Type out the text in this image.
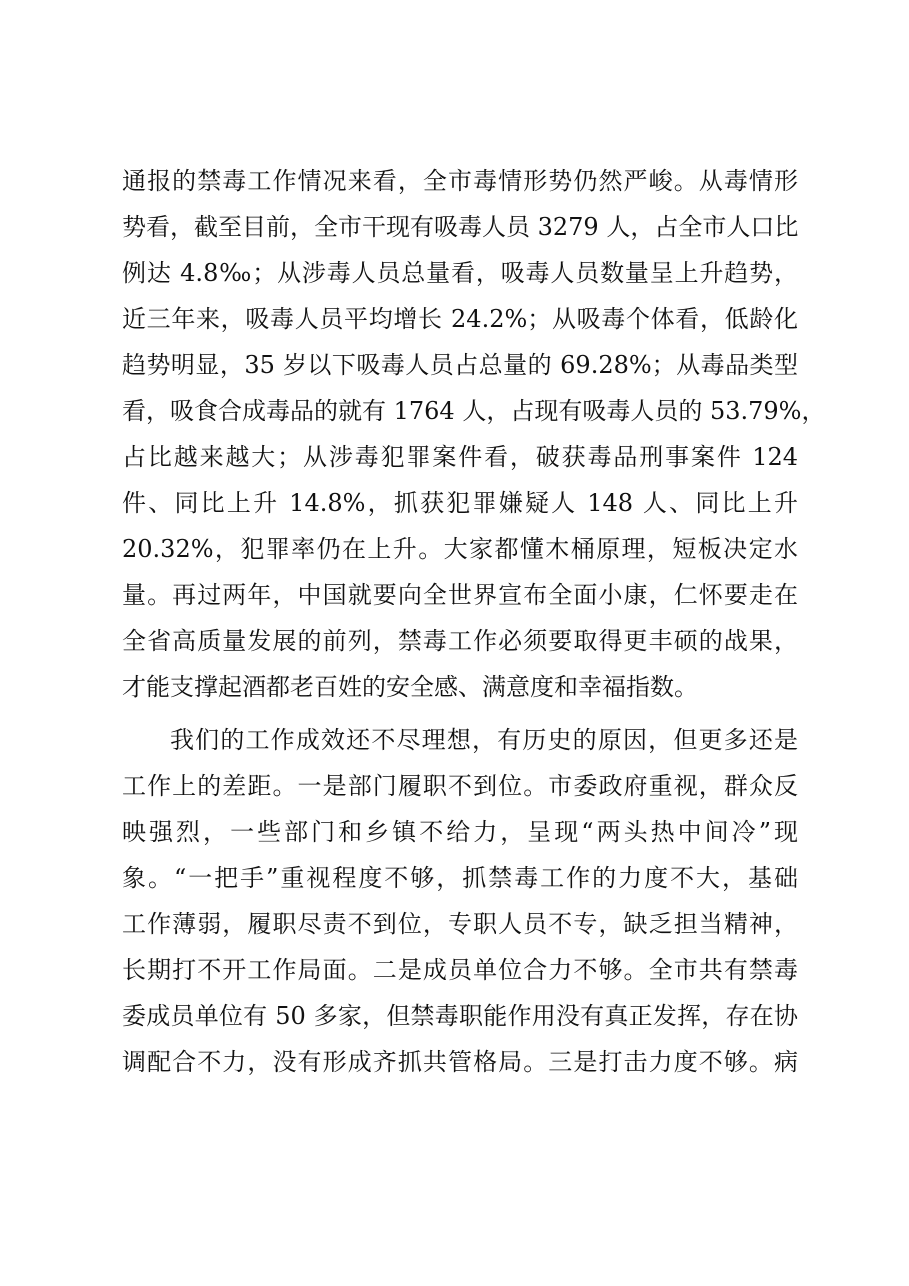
通报的禁毒工作情况来看，全市毒情形势仍然严峻。从毒情形
势看，截至目前，全市干现有吸毒人员 3279 人，占全市人口比
例达 4.8‰；从涉毒人员总量看，吸毒人员数量呈上升趋势，
近三年来，吸毒人员平均增长 24.2%；从吸毒个体看，低龄化
趋势明显，35 岁以下吸毒人员占总量的 69.28%；从毒品类型
看，吸食合成毒品的就有 1764 人，占现有吸毒人员的 53.79%，
占比越来越大；从涉毒犯罪案件看，破获毒品刑事案件 124
件、同比上升 14.8%，抓获犯罪嫌疑人 148 人、同比上升
20.32%，犯罪率仍在上升。大家都懂木桶原理，短板决定水
量。再过两年，中国就要向全世界宣布全面小康，仁怀要走在
全省高质量发展的前列，禁毒工作必须要取得更丰硕的战果，
才能支撑起酒都老百姓的安全感、满意度和幸福指数。
我们的工作成效还不尽理想，有历史的原因，但更多还是
工作上的差距。一是部门履职不到位。市委政府重视，群众反
映强烈，一些部门和乡镇不给力，呈现“两头热中间冷”现
象。“一把手”重视程度不够，抓禁毒工作的力度不大，基础
工作薄弱，履职尽责不到位，专职人员不专，缺乏担当精神，
长期打不开工作局面。二是成员单位合力不够。全市共有禁毒
委成员单位有 50 多家，但禁毒职能作用没有真正发挥，存在协
调配合不力，没有形成齐抓共管格局。三是打击力度不够。病
